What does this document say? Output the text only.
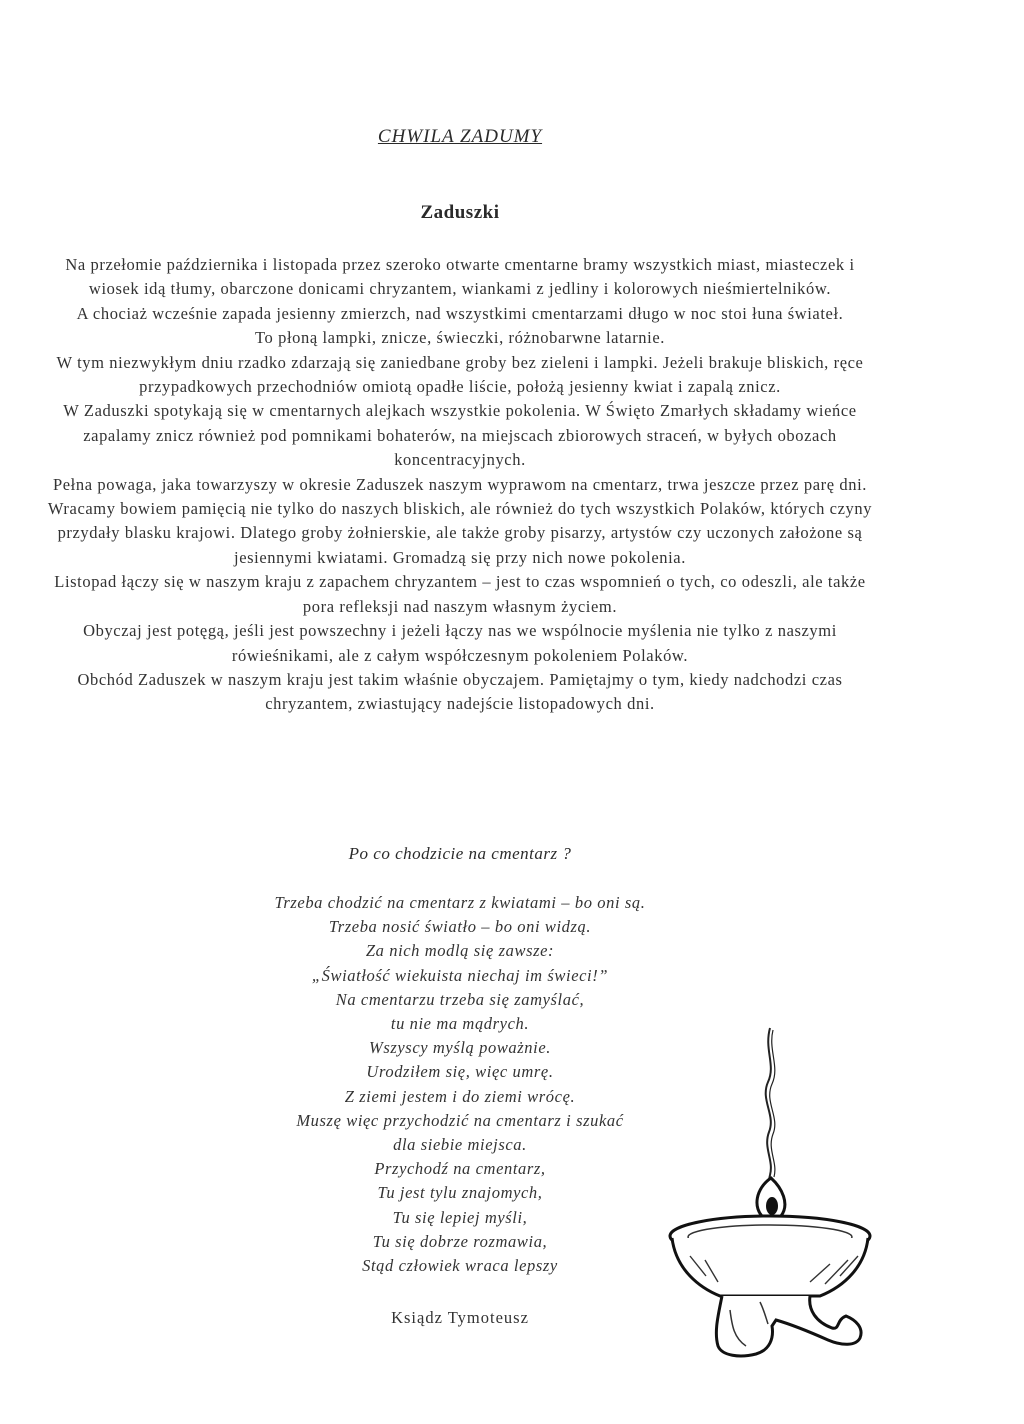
CHWILA ZADUMY
Zaduszki

Na przełomie października i listopada przez szeroko otwarte cmentarne bramy wszystkich miast, miasteczek i wiosek idą tłumy, obarczone donicami chryzantem, wiankami z jedliny i kolorowych nieśmiertelników.

A chociaż wcześnie zapada jesienny zmierzch, nad wszystkimi cmentarzami długo w noc stoi łuna świateł.

To płoną lampki, znicze, świeczki, różnobarwne latarnie.

W tym niezwykłym dniu rzadko zdarzają się zaniedbane groby bez zieleni i lampki. Jeżeli brakuje bliskich, ręce przypadkowych przechodniów omiotą opadłe liście, położą jesienny kwiat i zapalą znicz.

W Zaduszki spotykają się w cmentarnych alejkach wszystkie pokolenia. W Święto Zmarłych składamy wieńce zapalamy znicz również pod pomnikami bohaterów, na miejscach zbiorowych straceń, w byłych obozach koncentracyjnych.

Pełna powaga, jaka towarzyszy w okresie Zaduszek naszym wyprawom na cmentarz, trwa jeszcze przez parę dni. Wracamy bowiem pamięcią nie tylko do naszych bliskich, ale również do tych wszystkich Polaków, których czyny przydały blasku krajowi. Dlatego groby żołnierskie, ale także groby pisarzy, artystów czy uczonych założone są jesiennymi kwiatami. Gromadzą się przy nich nowe pokolenia.

Listopad łączy się w naszym kraju z zapachem chryzantem – jest to czas wspomnień o tych, co odeszli, ale także pora refleksji nad naszym własnym życiem.

Obyczaj jest potęgą, jeśli jest powszechny i jeżeli łączy nas we wspólnocie myślenia nie tylko z naszymi rówieśnikami, ale z całym współczesnym pokoleniem Polaków.

Obchód Zaduszek w naszym kraju jest takim właśnie obyczajem. Pamiętajmy o tym, kiedy nadchodzi czas chryzantem, zwiastujący nadejście listopadowych dni.

Po co chodzicie na cmentarz ?
Trzeba chodzić na cmentarz z kwiatami – bo oni są.
Trzeba nosić światło – bo oni widzą.
Za nich modlą się zawsze:
„Światłość wiekuista niechaj im świeci!”
Na cmentarzu trzeba się zamyślać,
tu nie ma mądrych.
Wszyscy myślą poważnie.
Urodziłem się, więc umrę.
Z ziemi jestem i do ziemi wrócę.
Muszę więc przychodzić na cmentarz i szukać
dla siebie miejsca.
Przychodź na cmentarz,
Tu jest tylu znajomych,
Tu się lepiej myśli,
Tu się dobrze rozmawia,
Stąd człowiek wraca lepszy
Ksiądz Tymoteusz
